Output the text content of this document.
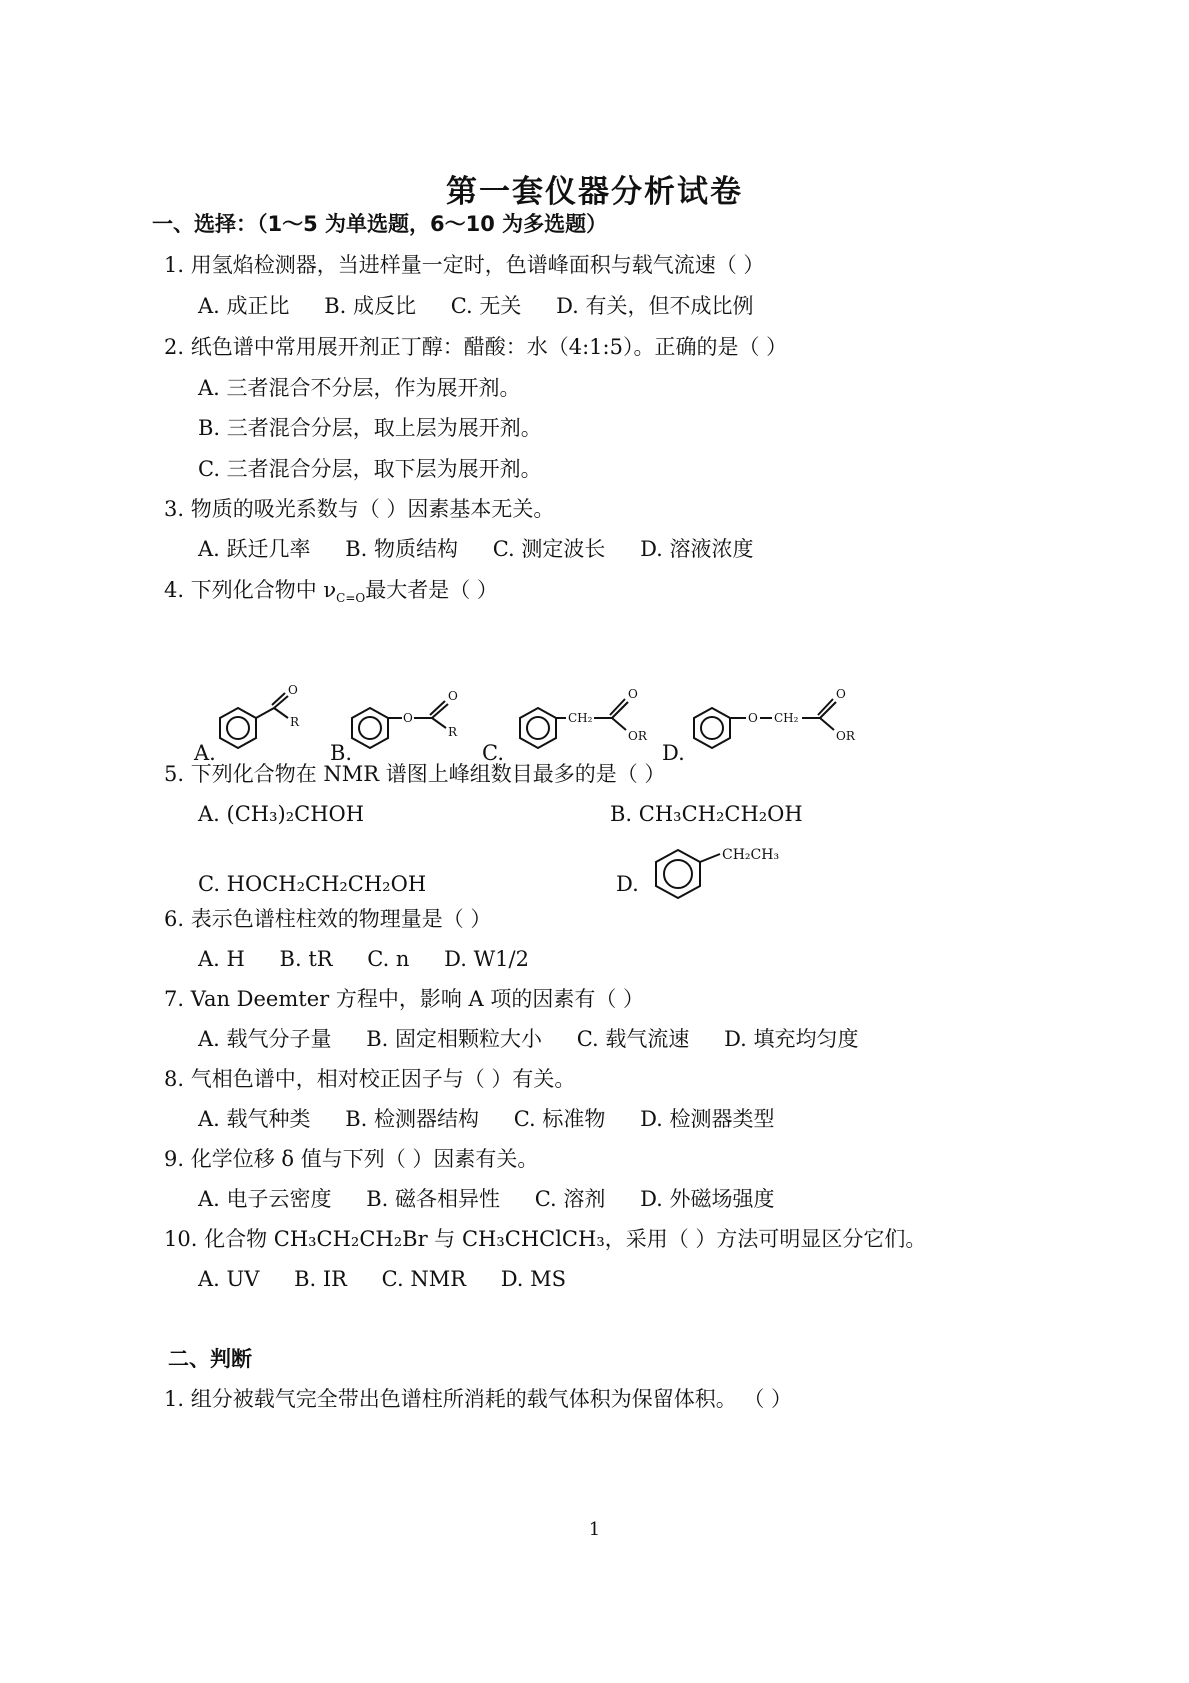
第一套仪器分析试卷
一、选择：（1～5 为单选题，6～10 为多选题）
1. 用氢焰检测器，当进样量一定时，色谱峰面积与载气流速（ ）
A. 成正比 B. 成反比 C. 无关 D. 有关，但不成比例
2. 纸色谱中常用展开剂正丁醇：醋酸：水（4:1:5）。正确的是（ ）
A. 三者混合不分层，作为展开剂。
B. 三者混合分层，取上层为展开剂。
C. 三者混合分层，取下层为展开剂。
3. 物质的吸光系数与（ ）因素基本无关。
A. 跃迁几率 B. 物质结构 C. 测定波长 D. 溶液浓度
4. 下列化合物中 $\nu_{C=O}$最大者是（ ）
O
R
A.
O
O
R
B.
CH₂
O
OR
C.
O CH₂
O
OR
D.
5. 下列化合物在 NMR 谱图上峰组数目最多的是（ ）
A. (CH₃)₂CHOH	B. CH₃CH₂CH₂OH
C. HOCH₂CH₂CH₂OH	D.
CH₂CH₃
6. 表示色谱柱柱效的物理量是（ ）
A. H B. tR C. n D. W1/2
7. Van Deemter 方程中，影响 A 项的因素有（ ）
A. 载气分子量 B. 固定相颗粒大小 C. 载气流速 D. 填充均匀度
8. 气相色谱中，相对校正因子与（ ）有关。
A. 载气种类 B. 检测器结构 C. 标准物 D. 检测器类型
9. 化学位移 δ 值与下列（ ）因素有关。
A. 电子云密度 B. 磁各相异性 C. 溶剂 D. 外磁场强度
10. 化合物 CH₃CH₂CH₂Br 与 CH₃CHClCH₃，采用（ ）方法可明显区分它们。
A. UV B. IR C. NMR D. MS
二、判断
1. 组分被载气完全带出色谱柱所消耗的载气体积为保留体积。 （ ）
1
